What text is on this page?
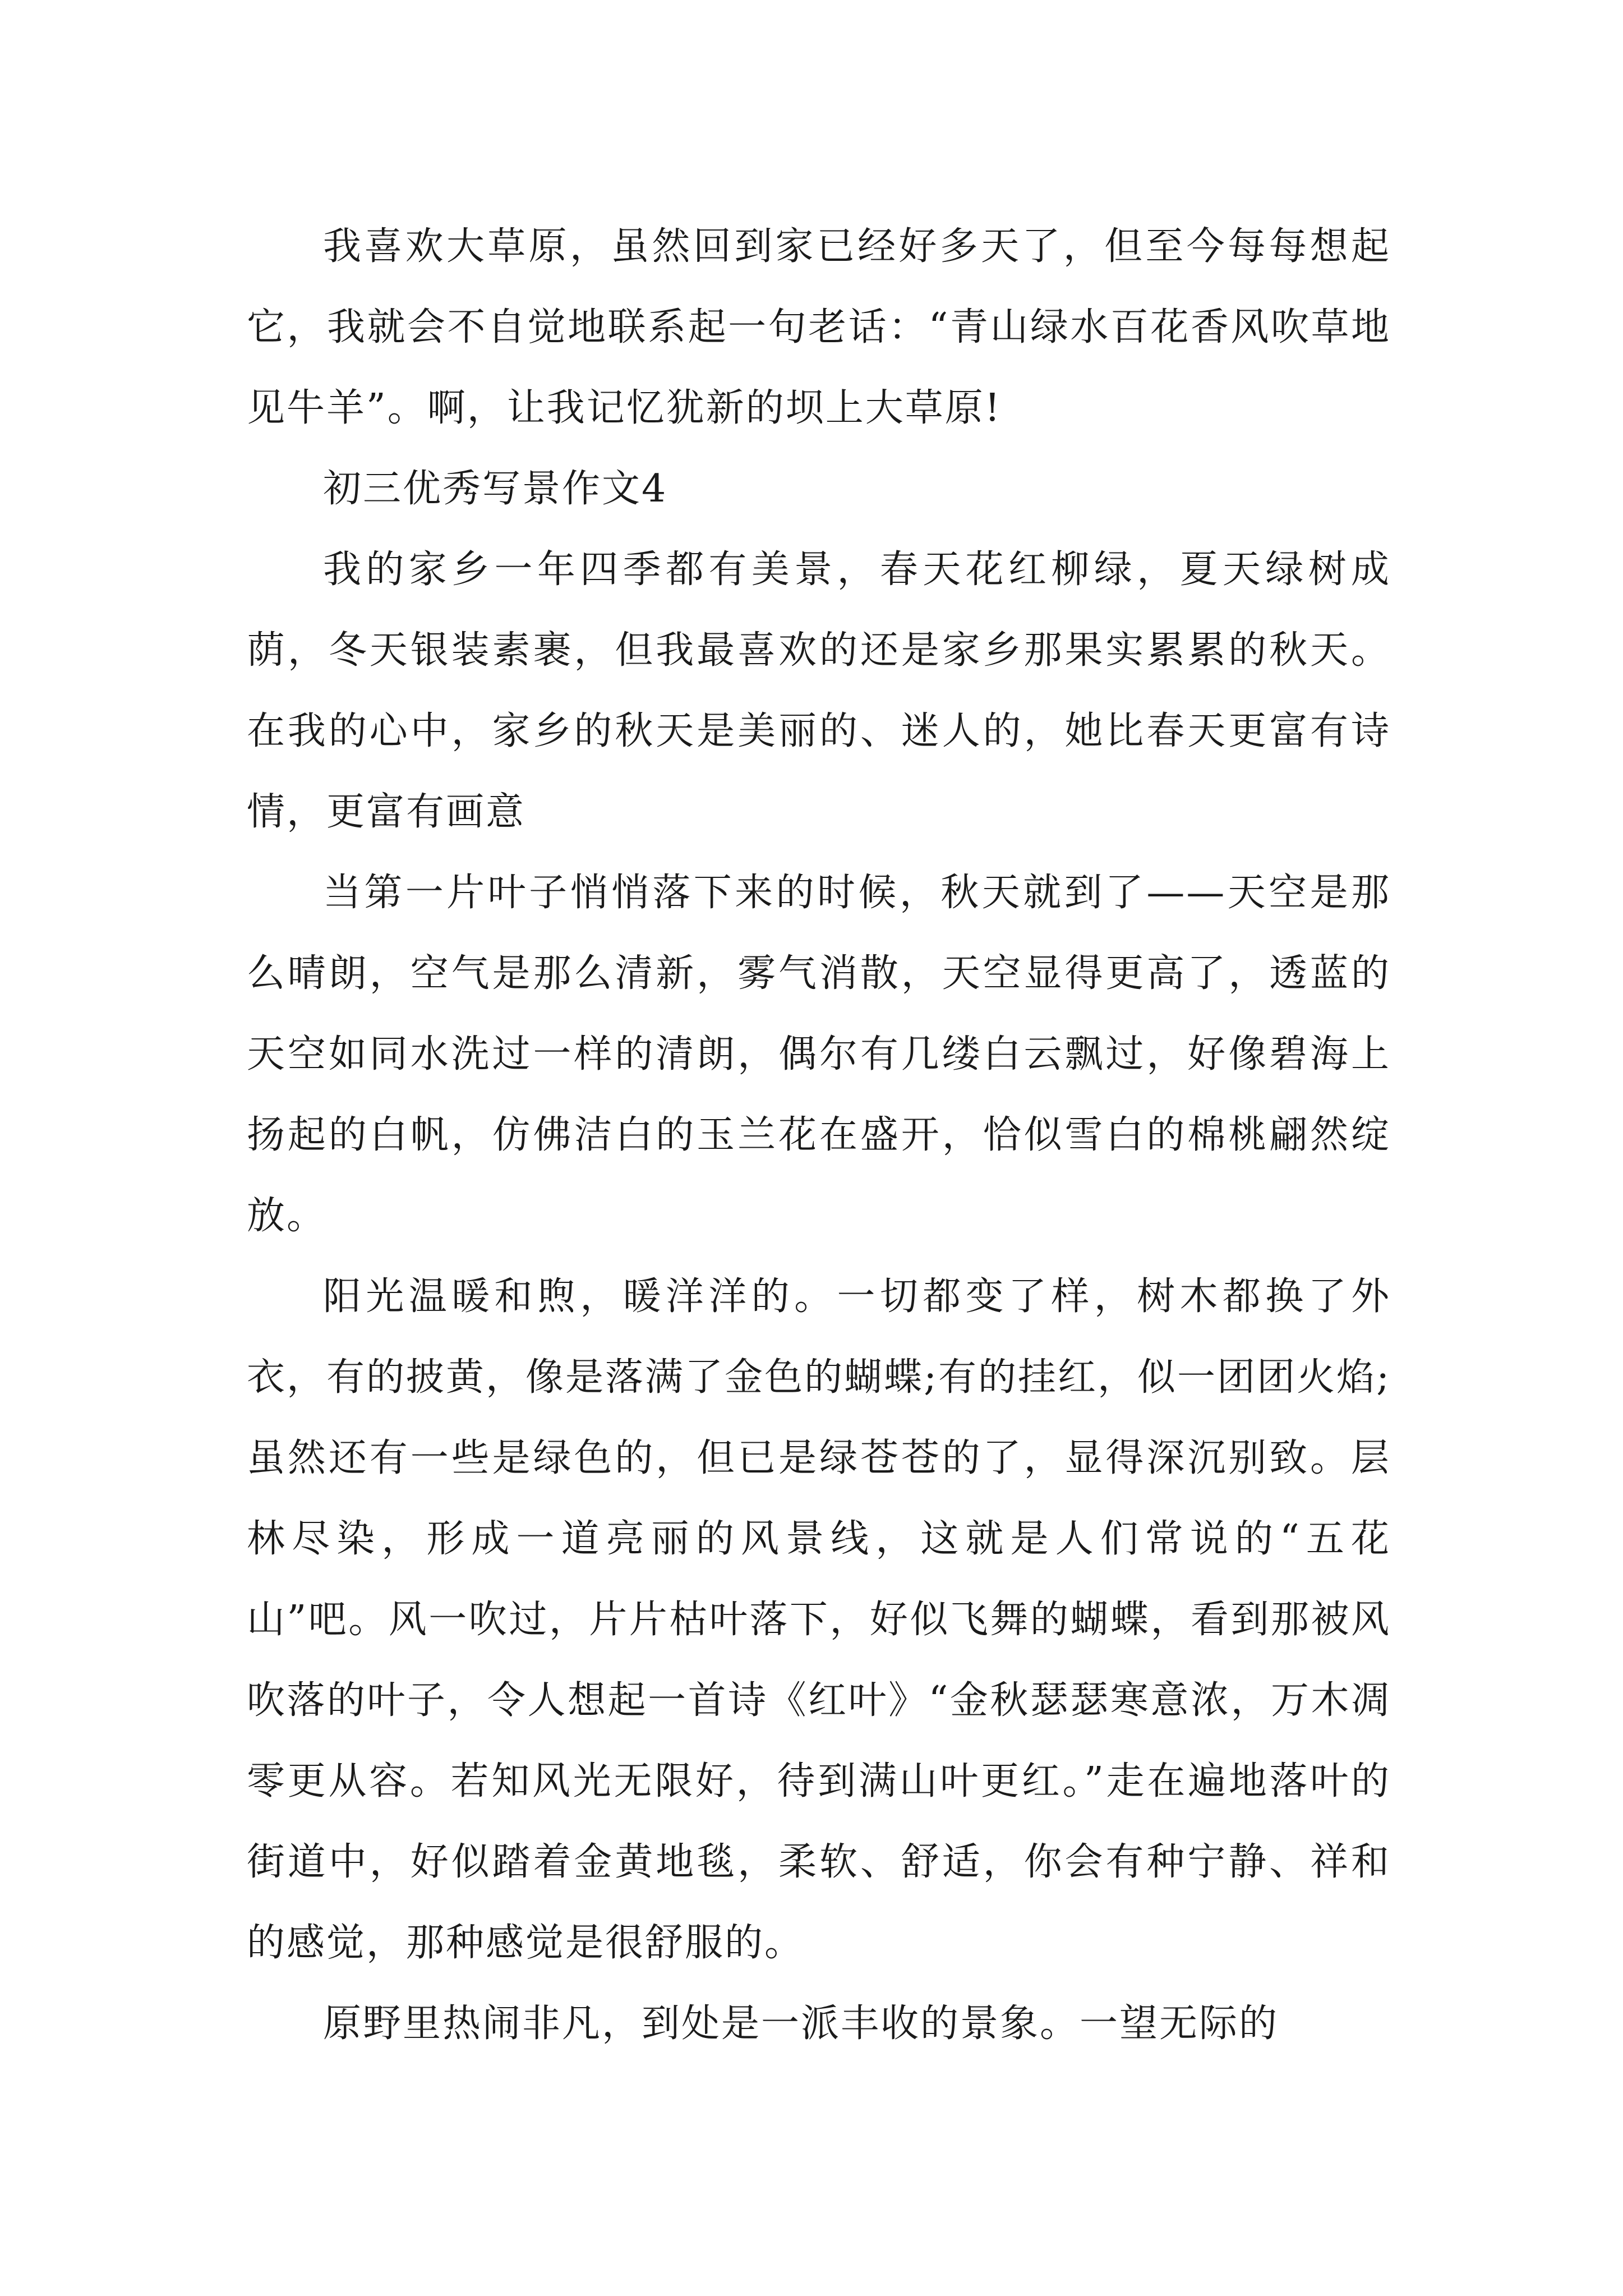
我喜欢大草原，虽然回到家已经好多天了，但至今每每想起它，我就会不自觉地联系起一句老话：“青山绿水百花香风吹草地见牛羊”。啊，让我记忆犹新的坝上大草原!

初三优秀写景作文4

我的家乡一年四季都有美景，春天花红柳绿，夏天绿树成荫，冬天银装素裹，但我最喜欢的还是家乡那果实累累的秋天。在我的心中，家乡的秋天是美丽的、迷人的，她比春天更富有诗情，更富有画意

当第一片叶子悄悄落下来的时候，秋天就到了——天空是那么晴朗，空气是那么清新，雾气消散，天空显得更高了，透蓝的天空如同水洗过一样的清朗，偶尔有几缕白云飘过，好像碧海上扬起的白帆，仿佛洁白的玉兰花在盛开，恰似雪白的棉桃翩然绽放。

阳光温暖和煦，暖洋洋的。一切都变了样，树木都换了外衣，有的披黄，像是落满了金色的蝴蝶;有的挂红，似一团团火焰;虽然还有一些是绿色的，但已是绿苍苍的了，显得深沉别致。层林尽染，形成一道亮丽的风景线，这就是人们常说的“五花山”吧。风一吹过，片片枯叶落下，好似飞舞的蝴蝶，看到那被风吹落的叶子，令人想起一首诗《红叶》“金秋瑟瑟寒意浓，万木凋零更从容。若知风光无限好，待到满山叶更红。”走在遍地落叶的街道中，好似踏着金黄地毯，柔软、舒适，你会有种宁静、祥和的感觉，那种感觉是很舒服的。

原野里热闹非凡，到处是一派丰收的景象。一望无际的
